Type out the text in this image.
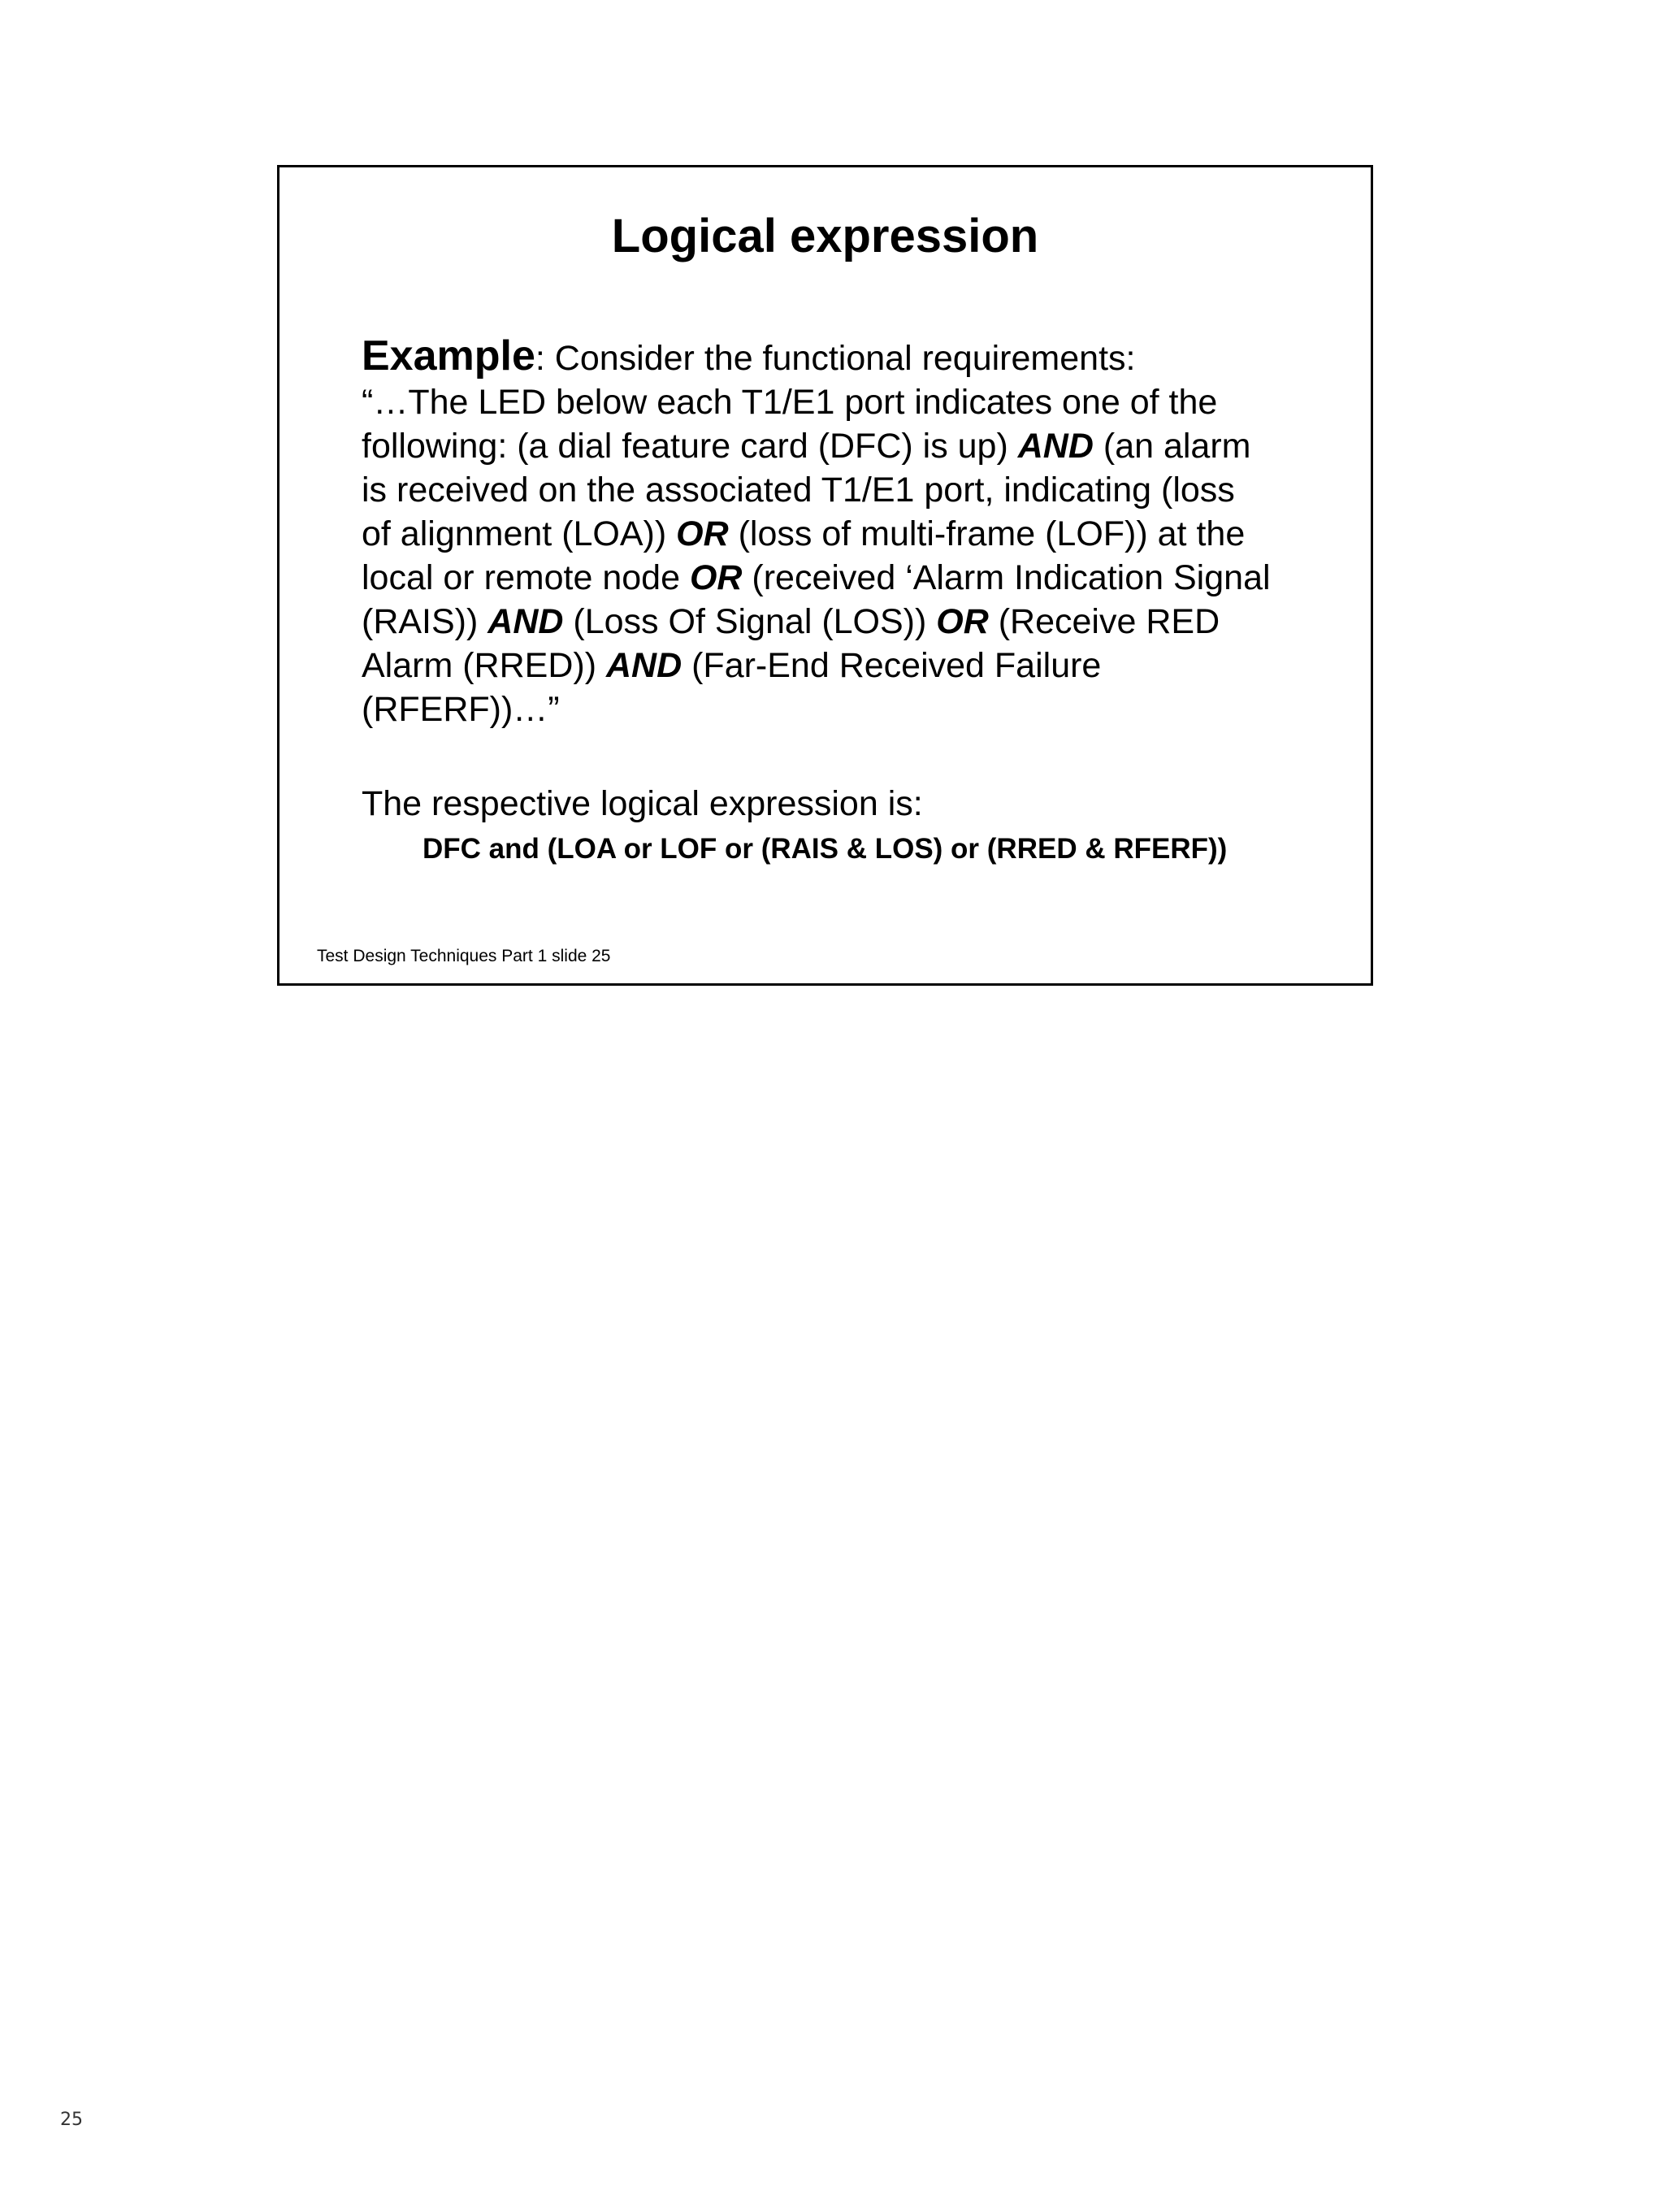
Logical expression
Example: Consider the functional requirements:
“…The LED below each T1/E1 port indicates one of the
following: (a dial feature card (DFC) is up) AND (an alarm
is received on the associated T1/E1 port, indicating (loss
of alignment (LOA)) OR (loss of multi-frame (LOF)) at the
local or remote node OR (received ‘Alarm Indication Signal
(RAIS)) AND (Loss Of Signal (LOS)) OR (Receive RED
Alarm (RRED)) AND (Far-End Received Failure
(RFERF))…”
The respective logical expression is:
DFC and (LOA or LOF or (RAIS & LOS) or (RRED & RFERF))
Test Design Techniques Part 1 slide 25
25
